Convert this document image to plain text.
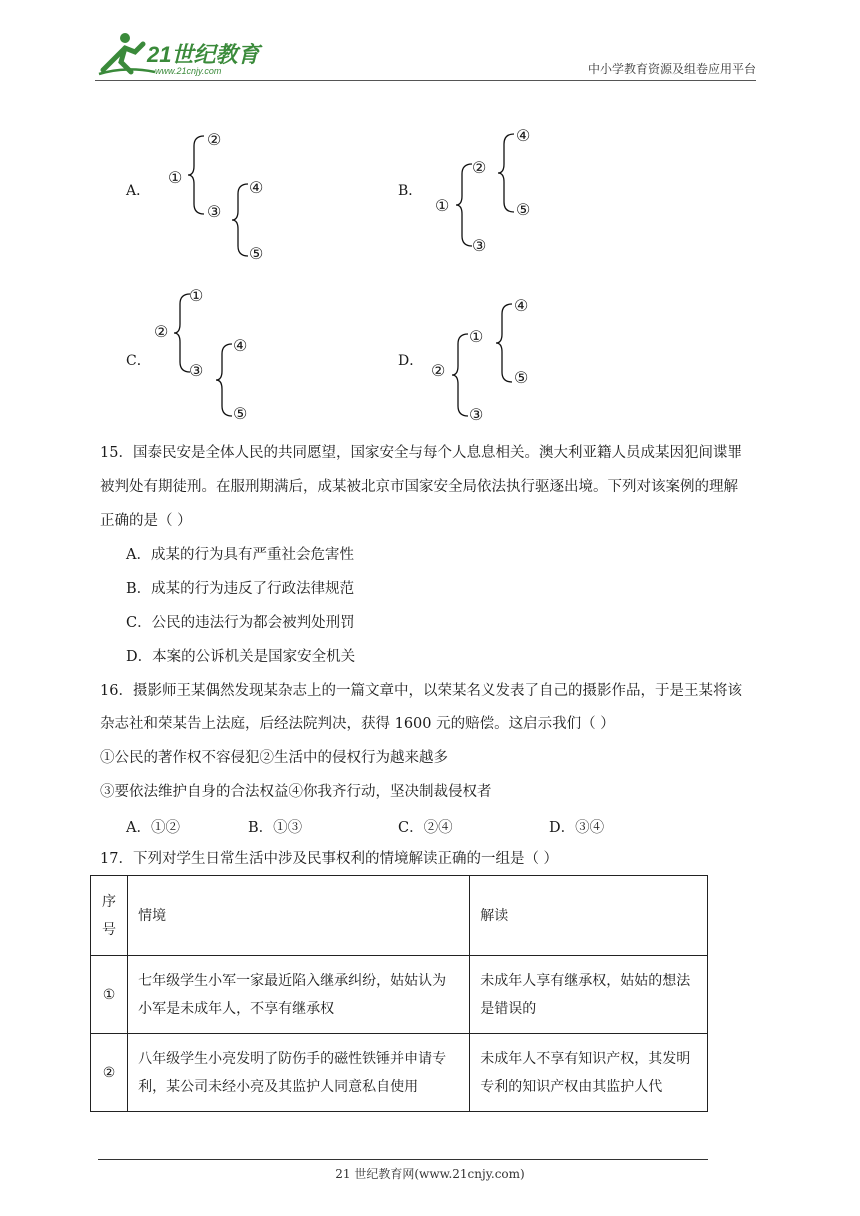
21世纪教育
www.21cnjy.com	中小学教育资源及组卷应用平台
A．
①
②
③
④
⑤
B．
①
②
③
④
⑤
C．
②
①
③
④
⑤
D． ②
①
③
④
⑤
15．国泰民安是全体人民的共同愿望，国家安全与每个人息息相关。澳大利亚籍人员成某因犯间谍罪
被判处有期徒刑。在服刑期满后，成某被北京市国家安全局依法执行驱逐出境。下列对该案例的理解
正确的是（ ）
A．成某的行为具有严重社会危害性
B．成某的行为违反了行政法律规范
C．公民的违法行为都会被判处刑罚
D．本案的公诉机关是国家安全机关
16．摄影师王某偶然发现某杂志上的一篇文章中，以荣某名义发表了自己的摄影作品，于是王某将该
杂志社和荣某告上法庭，后经法院判决，获得 1600 元的赔偿。这启示我们（ ）
①公民的著作权不容侵犯②生活中的侵权行为越来越多
③要依法维护自身的合法权益④你我齐行动，坚决制裁侵权者
A．①②	B．①③	C．②④	D．③④
17．下列对学生日常生活中涉及民事权利的情境解读正确的一组是（ ）
序号	情境	解读
①	七年级学生小军一家最近陷入继承纠纷，姑姑认为小军是未成年人，不享有继承权	未成年人享有继承权，姑姑的想法是错误的
②	八年级学生小亮发明了防伤手的磁性铁锤并申请专利，某公司未经小亮及其监护人同意私自使用	未成年人不享有知识产权，其发明专利的知识产权由其监护人代
21 世纪教育网(www.21cnjy.com)
